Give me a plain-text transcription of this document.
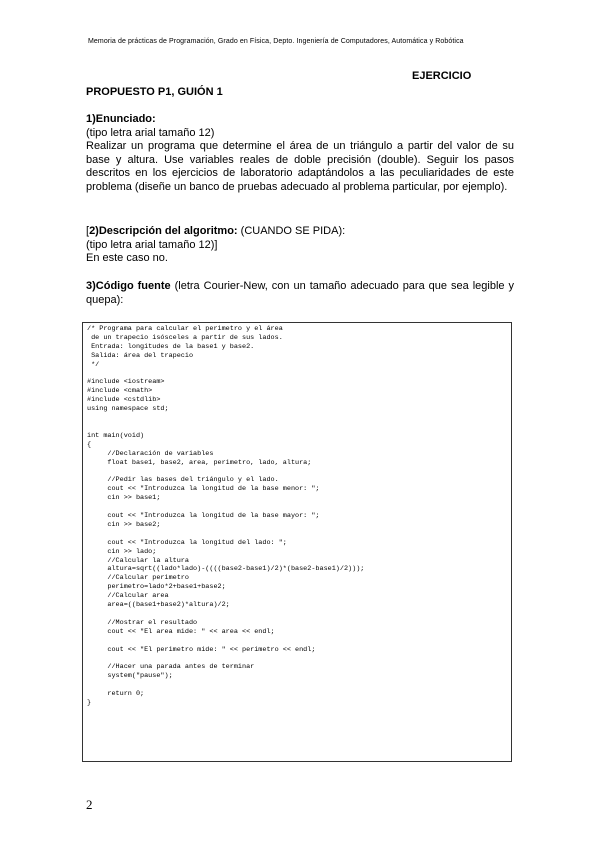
Memoria de prácticas de Programación, Grado en Física, Depto. Ingeniería de Computadores, Automática y Robótica
EJERCICIO
PROPUESTO P1, GUIÓN 1
1)Enunciado:
(tipo letra arial tamaño 12)
Realizar un programa que determine el área de un triángulo a partir del valor de su base y altura. Use variables reales de doble precisión (double). Seguir los pasos descritos en los ejercicios de laboratorio adaptándolos a las peculiaridades de este problema (diseñe un banco de pruebas adecuado al problema particular, por ejemplo).
[2)Descripción del algoritmo: (CUANDO SE PIDA):
(tipo letra arial tamaño 12)]
En este caso no.
3)Código fuente (letra Courier-New, con un tamaño adecuado para que sea legible y quepa):
/* Programa para calcular el perimetro y el área
de un trapecio isósceles a partir de sus lados.
Entrada: longitudes de la base1 y base2.
Salida: área del trapecio
*/

#include <iostream>
#include <cmath>
#include <cstdlib>
using namespace std;

int main(void)
{
//Declaración de variables
float base1, base2, area, perimetro, lado, altura;

//Pedir las bases del triángulo y el lado.
cout << "Introduzca la longitud de la base menor: ";
cin >> base1;

cout << "Introduzca la longitud de la base mayor: ";
cin >> base2;

cout << "Introduzca la longitud del lado: ";
cin >> lado;
//Calcular la altura
altura=sqrt((lado*lado)-((((base2-base1)/2)*(base2-base1)/2)));
//Calcular perimetro
perimetro=lado*2+base1+base2;
//Calcular area
area=((base1+base2)*altura)/2;

//Mostrar el resultado
cout << "El area mide: " << area << endl;

cout << "El perimetro mide: " << perimetro << endl;

//Hacer una parada antes de terminar
system("pause");

return 0;
}
2
